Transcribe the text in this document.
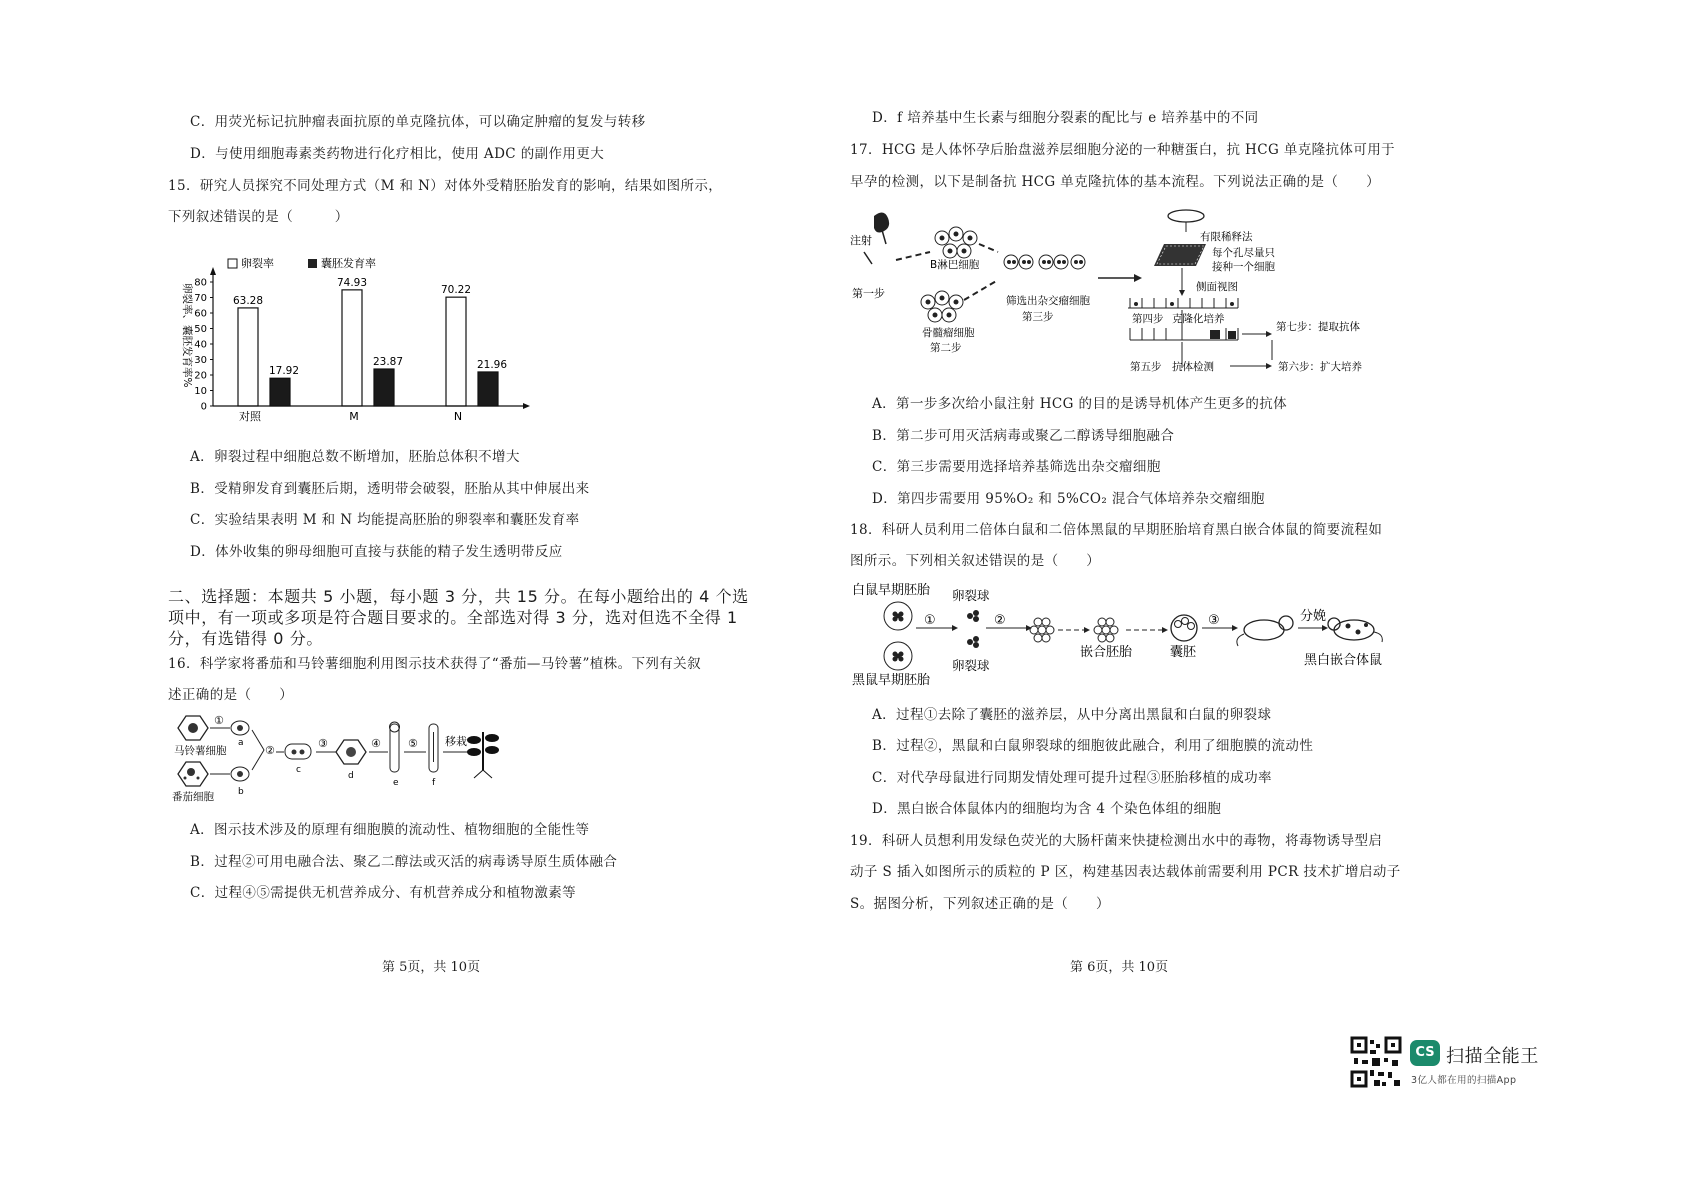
C．用荧光标记抗肿瘤表面抗原的单克隆抗体，可以确定肿瘤的复发与转移
D．与使用细胞毒素类药物进行化疗相比，使用 ADC 的副作用更大
15．研究人员探究不同处理方式（M 和 N）对体外受精胚胎发育的影响，结果如图所示，
下列叙述错误的是（　　　）
卵裂率	囊胚发育率
卵裂率、囊胚发育率%
0
10
20
30
40
50
60
70
80
63.28
17.92
74.93
23.87
70.22
21.96
对照	M	N
A．卵裂过程中细胞总数不断增加，胚胎总体积不增大
B．受精卵发育到囊胚后期，透明带会破裂，胚胎从其中伸展出来
C．实验结果表明 M 和 N 均能提高胚胎的卵裂率和囊胚发育率
D．体外收集的卵母细胞可直接与获能的精子发生透明带反应
二、选择题：本题共 5 小题，每小题 3 分，共 15 分。在每小题给出的 4 个选
项中，有一项或多项是符合题目要求的。全部选对得 3 分，选对但选不全得 1
分，有选错得 0 分。
16．科学家将番茄和马铃薯细胞利用图示技术获得了“番茄—马铃薯”植株。下列有关叙
述正确的是（　　）
马铃薯细胞
番茄细胞
①
a
b
②
c
③
d
④
e
⑤
f
移栽
A．图示技术涉及的原理有细胞膜的流动性、植物细胞的全能性等
B．过程②可用电融合法、聚乙二醇法或灭活的病毒诱导原生质体融合
C．过程④⑤需提供无机营养成分、有机营养成分和植物激素等
第 5页，共 10页
D．f 培养基中生长素与细胞分裂素的配比与 e 培养基中的不同
17．HCG 是人体怀孕后胎盘滋养层细胞分泌的一种糖蛋白，抗 HCG 单克隆抗体可用于
早孕的检测，以下是制备抗 HCG 单克隆抗体的基本流程。下列说法正确的是（　　）
注射
第一步
B淋巴细胞
骨髓瘤细胞
第二步
筛选出杂交瘤细胞
第三步
有限稀释法
每个孔尽量只
接种一个细胞
侧面视图
第四步 克隆化培养
第七步：提取抗体
第五步 抗体检测	第六步：扩大培养
A．第一步多次给小鼠注射 HCG 的目的是诱导机体产生更多的抗体
B．第二步可用灭活病毒或聚乙二醇诱导细胞融合
C．第三步需要用选择培养基筛选出杂交瘤细胞
D．第四步需要用 95%O₂ 和 5%CO₂ 混合气体培养杂交瘤细胞
18．科研人员利用二倍体白鼠和二倍体黑鼠的早期胚胎培育黑白嵌合体鼠的简要流程如
图所示。下列相关叙述错误的是（　　）
白鼠早期胚胎 卵裂球
黑鼠早期胚胎
①
卵裂球
②
嵌合胚胎	囊胚
③	分娩
黑白嵌合体鼠
A．过程①去除了囊胚的滋养层，从中分离出黑鼠和白鼠的卵裂球
B．过程②，黑鼠和白鼠卵裂球的细胞彼此融合，利用了细胞膜的流动性
C．对代孕母鼠进行同期发情处理可提升过程③胚胎移植的成功率
D．黑白嵌合体鼠体内的细胞均为含 4 个染色体组的细胞
19．科研人员想利用发绿色荧光的大肠杆菌来快捷检测出水中的毒物，将毒物诱导型启
动子 S 插入如图所示的质粒的 P 区，构建基因表达载体前需要利用 PCR 技术扩增启动子
S。据图分析，下列叙述正确的是（　　）
第 6页，共 10页
CS 扫描全能王
3亿人都在用的扫描App
